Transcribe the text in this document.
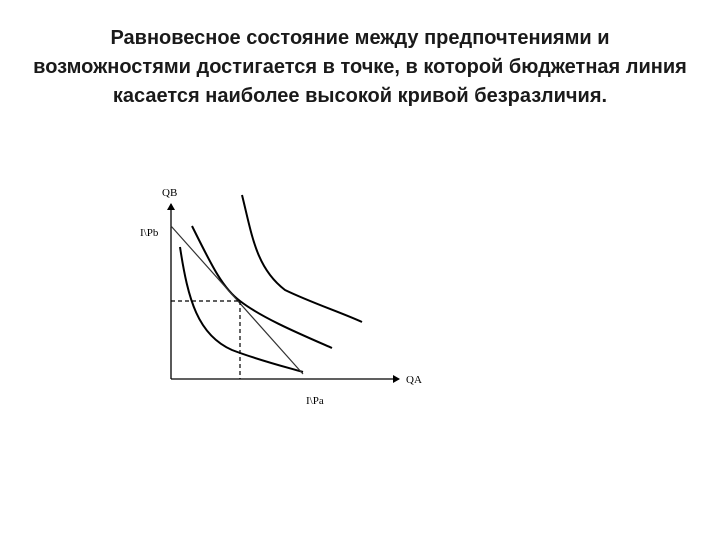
Равновесное состояние между предпочтениями и
возможностями достигается в точке, в которой бюджетная линия
касается наиболее высокой кривой безразличия.
QB
QA
I\Pb
I\Pa
